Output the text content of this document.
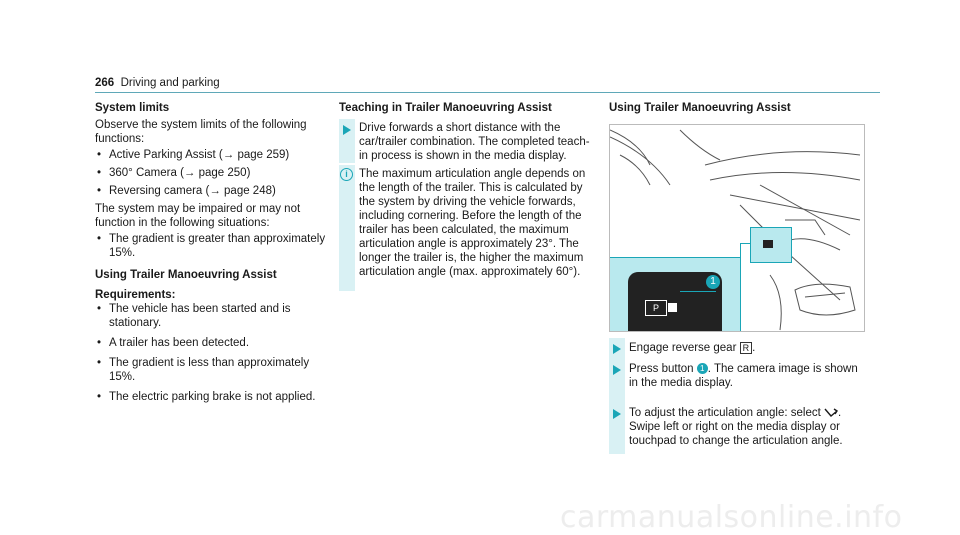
266 Driving and parking
System limits
Observe the system limits of the following functions:
• Active Parking Assist (→ page 259)
• 360° Camera (→ page 250)
• Reversing camera (→ page 248)
The system may be impaired or may not function in the following situations:
• The gradient is greater than approximately 15%.
Using Trailer Manoeuvring Assist
Requirements:
• The vehicle has been started and is stationary.
• A trailer has been detected.
• The gradient is less than approximately 15%.
• The electric parking brake is not applied.
Teaching in Trailer Manoeuvring Assist
Drive forwards a short distance with the car/trailer combination. The completed teach-in process is shown in the media display.
i The maximum articulation angle depends on the length of the trailer. This is calculated by the system by driving the vehicle forwards, including cornering. Before the length of the trailer has been calculated, the maximum articulation angle is approximately 23°. The longer the trailer is, the higher the maximum articulation angle (max. approximately 60°).
Using Trailer Manoeuvring Assist
P
1
Engage reverse gear R .
Press button 1 . The camera image is shown in the media display.
To adjust the articulation angle: select . Swipe left or right on the media display or touchpad to change the articulation angle.
carmanualsonline.info
